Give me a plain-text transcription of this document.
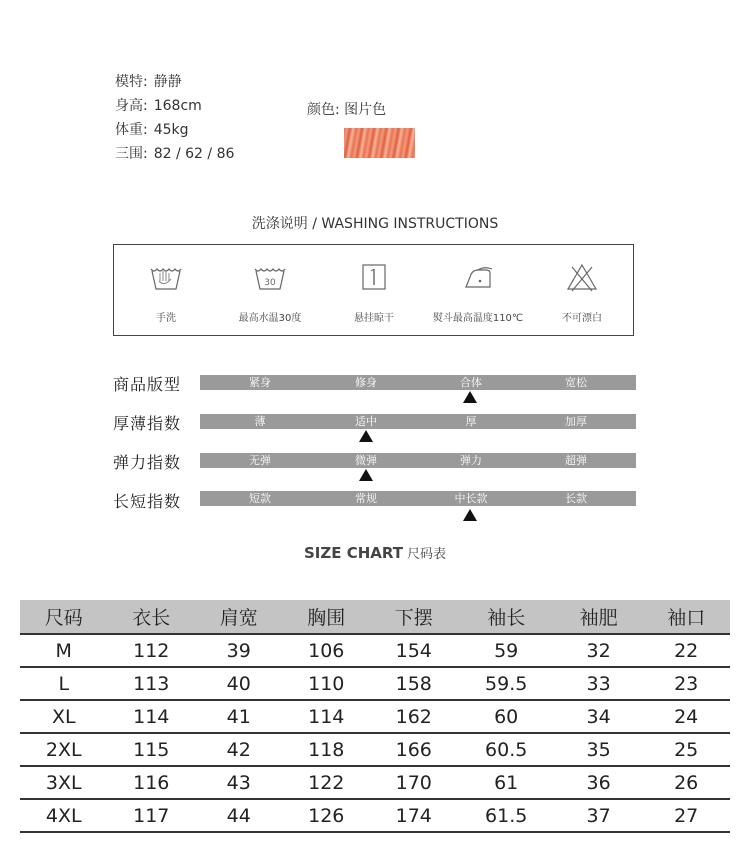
模特: 静静
身高: 168cm
体重: 45kg
三围: 82 / 62 / 86
颜色: 图片色
洗涤说明 / WASHING INSTRUCTIONS
手洗
30
最高水温30度	悬挂晾干	熨斗最高温度110℃	不可漂白
商品版型	紧身	修身	合体	宽松
厚薄指数	薄	适中	厚	加厚
弹力指数	无弹	微弹	弹力	超弹
长短指数	短款	常规	中长款	长款
SIZE CHART 尺码表
尺码	衣长	肩宽	胸围	下摆	袖长	袖肥	袖口
M	112	39	106	154	59	32	22
L	113	40	110	158	59.5	33	23
XL	114	41	114	162	60	34	24
2XL	115	42	118	166	60.5	35	25
3XL	116	43	122	170	61	36	26
4XL	117	44	126	174	61.5	37	27
